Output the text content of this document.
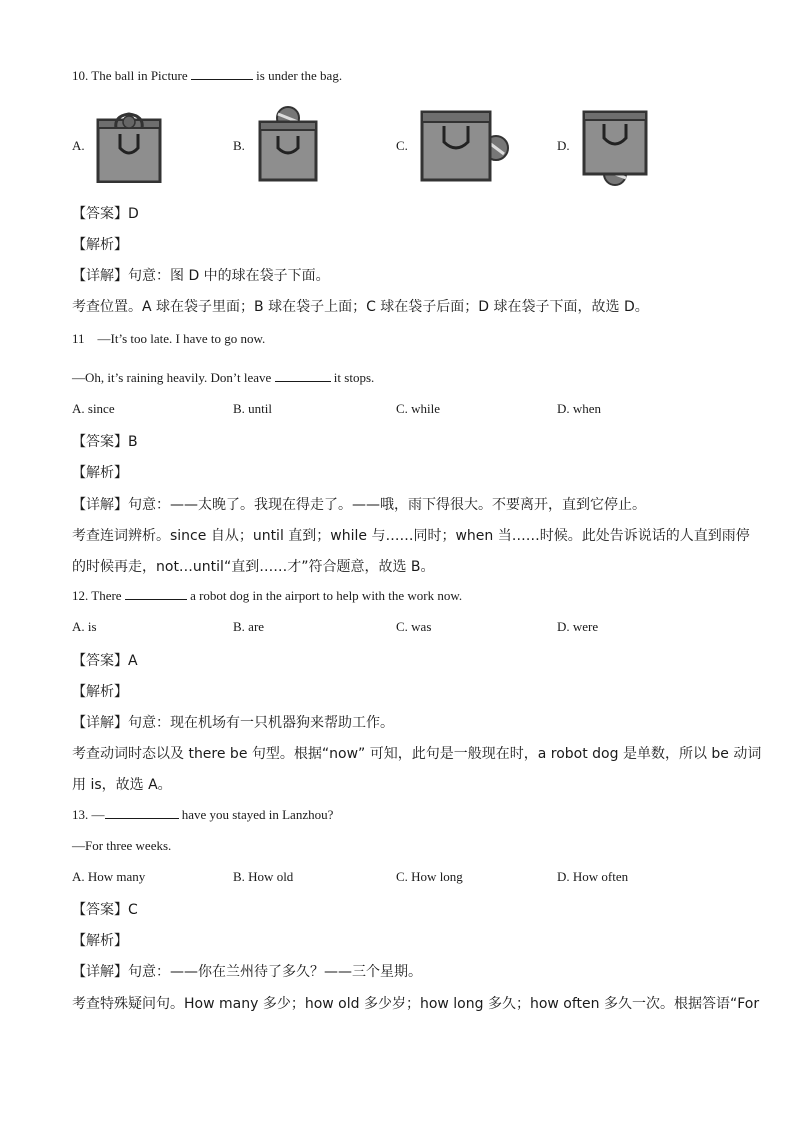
10. The ball in Picture	is under the bag.
A.	B.	C.	D.
【答案】D
【解析】
【详解】句意：图 D 中的球在袋子下面。
考查位置。A 球在袋子里面；B 球在袋子上面；C 球在袋子后面；D 球在袋子下面，故选 D。
11　—It’s too late. I have to go now.
—Oh, it’s raining heavily. Don’t leave	it stops.
A. since	B. until	C. while	D. when
【答案】B
【解析】
【详解】句意：——太晚了。我现在得走了。——哦，雨下得很大。不要离开，直到它停止。
考查连词辨析。since 自从；until 直到；while 与……同时；when 当……时候。此处告诉说话的人直到雨停
的时候再走，not…until“直到……才”符合题意，故选 B。
12. There	a robot dog in the airport to help with the work now.
A. is	B. are	C. was	D. were
【答案】A
【解析】
【详解】句意：现在机场有一只机器狗来帮助工作。
考查动词时态以及 there be 句型。根据“now” 可知，此句是一般现在时，a robot dog 是单数，所以 be 动词
用 is，故选 A。
13. —	have you stayed in Lanzhou?
—For three weeks.
A. How many	B. How old	C. How long	D. How often
【答案】C
【解析】
【详解】句意：——你在兰州待了多久？——三个星期。
考查特殊疑问句。How many 多少；how old 多少岁；how long 多久；how often 多久一次。根据答语“For
